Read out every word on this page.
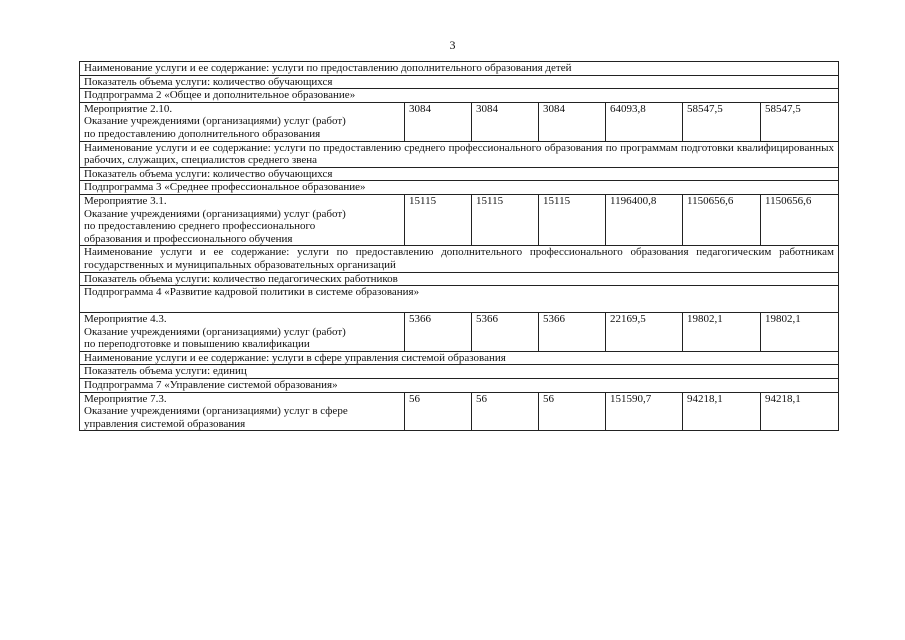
3
Наименование услуги и ее содержание: услуги по предоставлению дополнительного образования детей						
Показатель объема услуги: количество обучающихся						
Подпрограмма 2 «Общее и дополнительное образование»						

Мероприятие 2.10.
Оказание учреждениями (организациями) услуг (работ)
по предоставлению дополнительного образования	3084	3084	3084	64093,8	58547,5	58547,5
Наименование услуги и ее содержание: услуги по предоставлению среднего профессионального образования по программам подготовки квалифицированных рабочих, служащих, специалистов среднего звена						
Показатель объема услуги: количество обучающихся						
Подпрограмма 3 «Среднее профессиональное образование»						

Мероприятие 3.1.
Оказание учреждениями (организациями) услуг (работ)
по предоставлению среднего профессионального
образования и профессионального обучения	15115	15115	15115	1196400,8	1150656,6	1150656,6
Наименование услуги и ее содержание: услуги по предоставлению дополнительного профессионального образования педагогическим работникам государственных и муниципальных образовательных организаций						
Показатель объема услуги: количество педагогических работников						
Подпрограмма 4 «Развитие кадровой политики в системе образования»						

Мероприятие 4.3.
Оказание учреждениями (организациями) услуг (работ)
по переподготовке и повышению квалификации	5366	5366	5366	22169,5	19802,1	19802,1
Наименование услуги и ее содержание: услуги в сфере управления системой образования						
Показатель объема услуги: единиц						
Подпрограмма 7 «Управление системой образования»						

Мероприятие 7.3.
Оказание учреждениями (организациями) услуг в сфере
управления системой образования	56	56	56	151590,7	94218,1	94218,1
